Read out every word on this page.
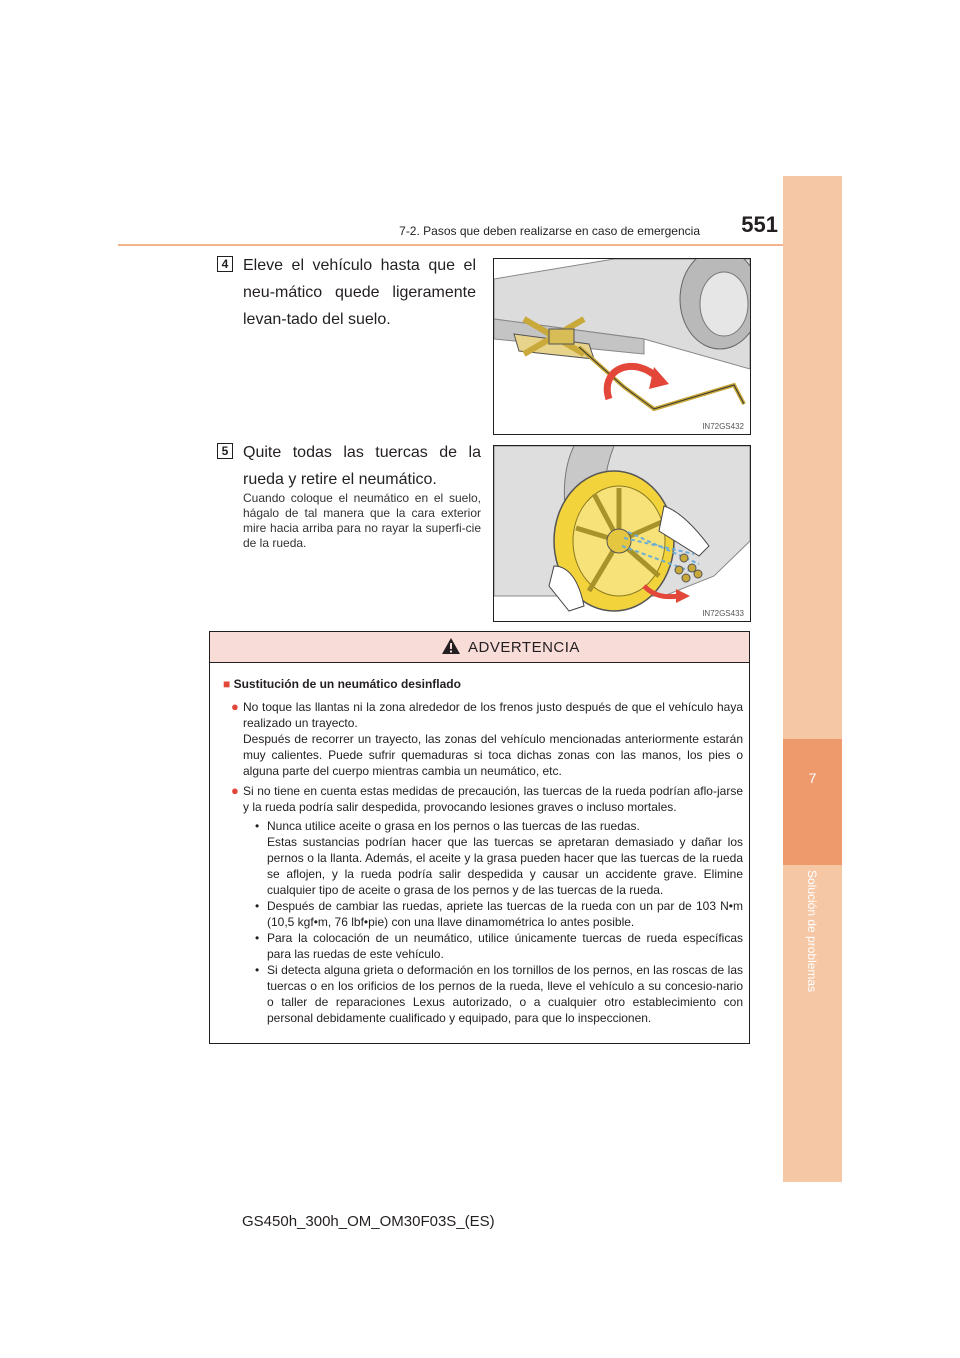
7-2. Pasos que deben realizarse en caso de emergencia	551
7
Solución de problemas
4 Eleve el vehículo hasta que el neu-mático quede ligeramente levan-tado del suelo.
IN72GS432
5 Quite todas las tuercas de la rueda y retire el neumático.
Cuando coloque el neumático en el suelo, hágalo de tal manera que la cara exterior mire hacia arriba para no rayar la superfi-cie de la rueda.
IN72GS433
ADVERTENCIA
■ Sustitución de un neumático desinflado
● No toque las llantas ni la zona alrededor de los frenos justo después de que el vehículo haya realizado un trayecto.
Después de recorrer un trayecto, las zonas del vehículo mencionadas anteriormente estarán muy calientes. Puede sufrir quemaduras si toca dichas zonas con las manos, los pies o alguna parte del cuerpo mientras cambia un neumático, etc.
● Si no tiene en cuenta estas medidas de precaución, las tuercas de la rueda podrían aflo-jarse y la rueda podría salir despedida, provocando lesiones graves o incluso mortales.
• Nunca utilice aceite o grasa en los pernos o las tuercas de las ruedas.
Estas sustancias podrían hacer que las tuercas se apretaran demasiado y dañar los pernos o la llanta. Además, el aceite y la grasa pueden hacer que las tuercas de la rueda se aflojen, y la rueda podría salir despedida y causar un accidente grave. Elimine cualquier tipo de aceite o grasa de los pernos y de las tuercas de la rueda.
• Después de cambiar las ruedas, apriete las tuercas de la rueda con un par de 103 N•m (10,5 kgf•m, 76 lbf•pie) con una llave dinamométrica lo antes posible.
• Para la colocación de un neumático, utilice únicamente tuercas de rueda específicas para las ruedas de este vehículo.
• Si detecta alguna grieta o deformación en los tornillos de los pernos, en las roscas de las tuercas o en los orificios de los pernos de la rueda, lleve el vehículo a su concesio-nario o taller de reparaciones Lexus autorizado, o a cualquier otro establecimiento con personal debidamente cualificado y equipado, para que lo inspeccionen.
GS450h_300h_OM_OM30F03S_(ES)
